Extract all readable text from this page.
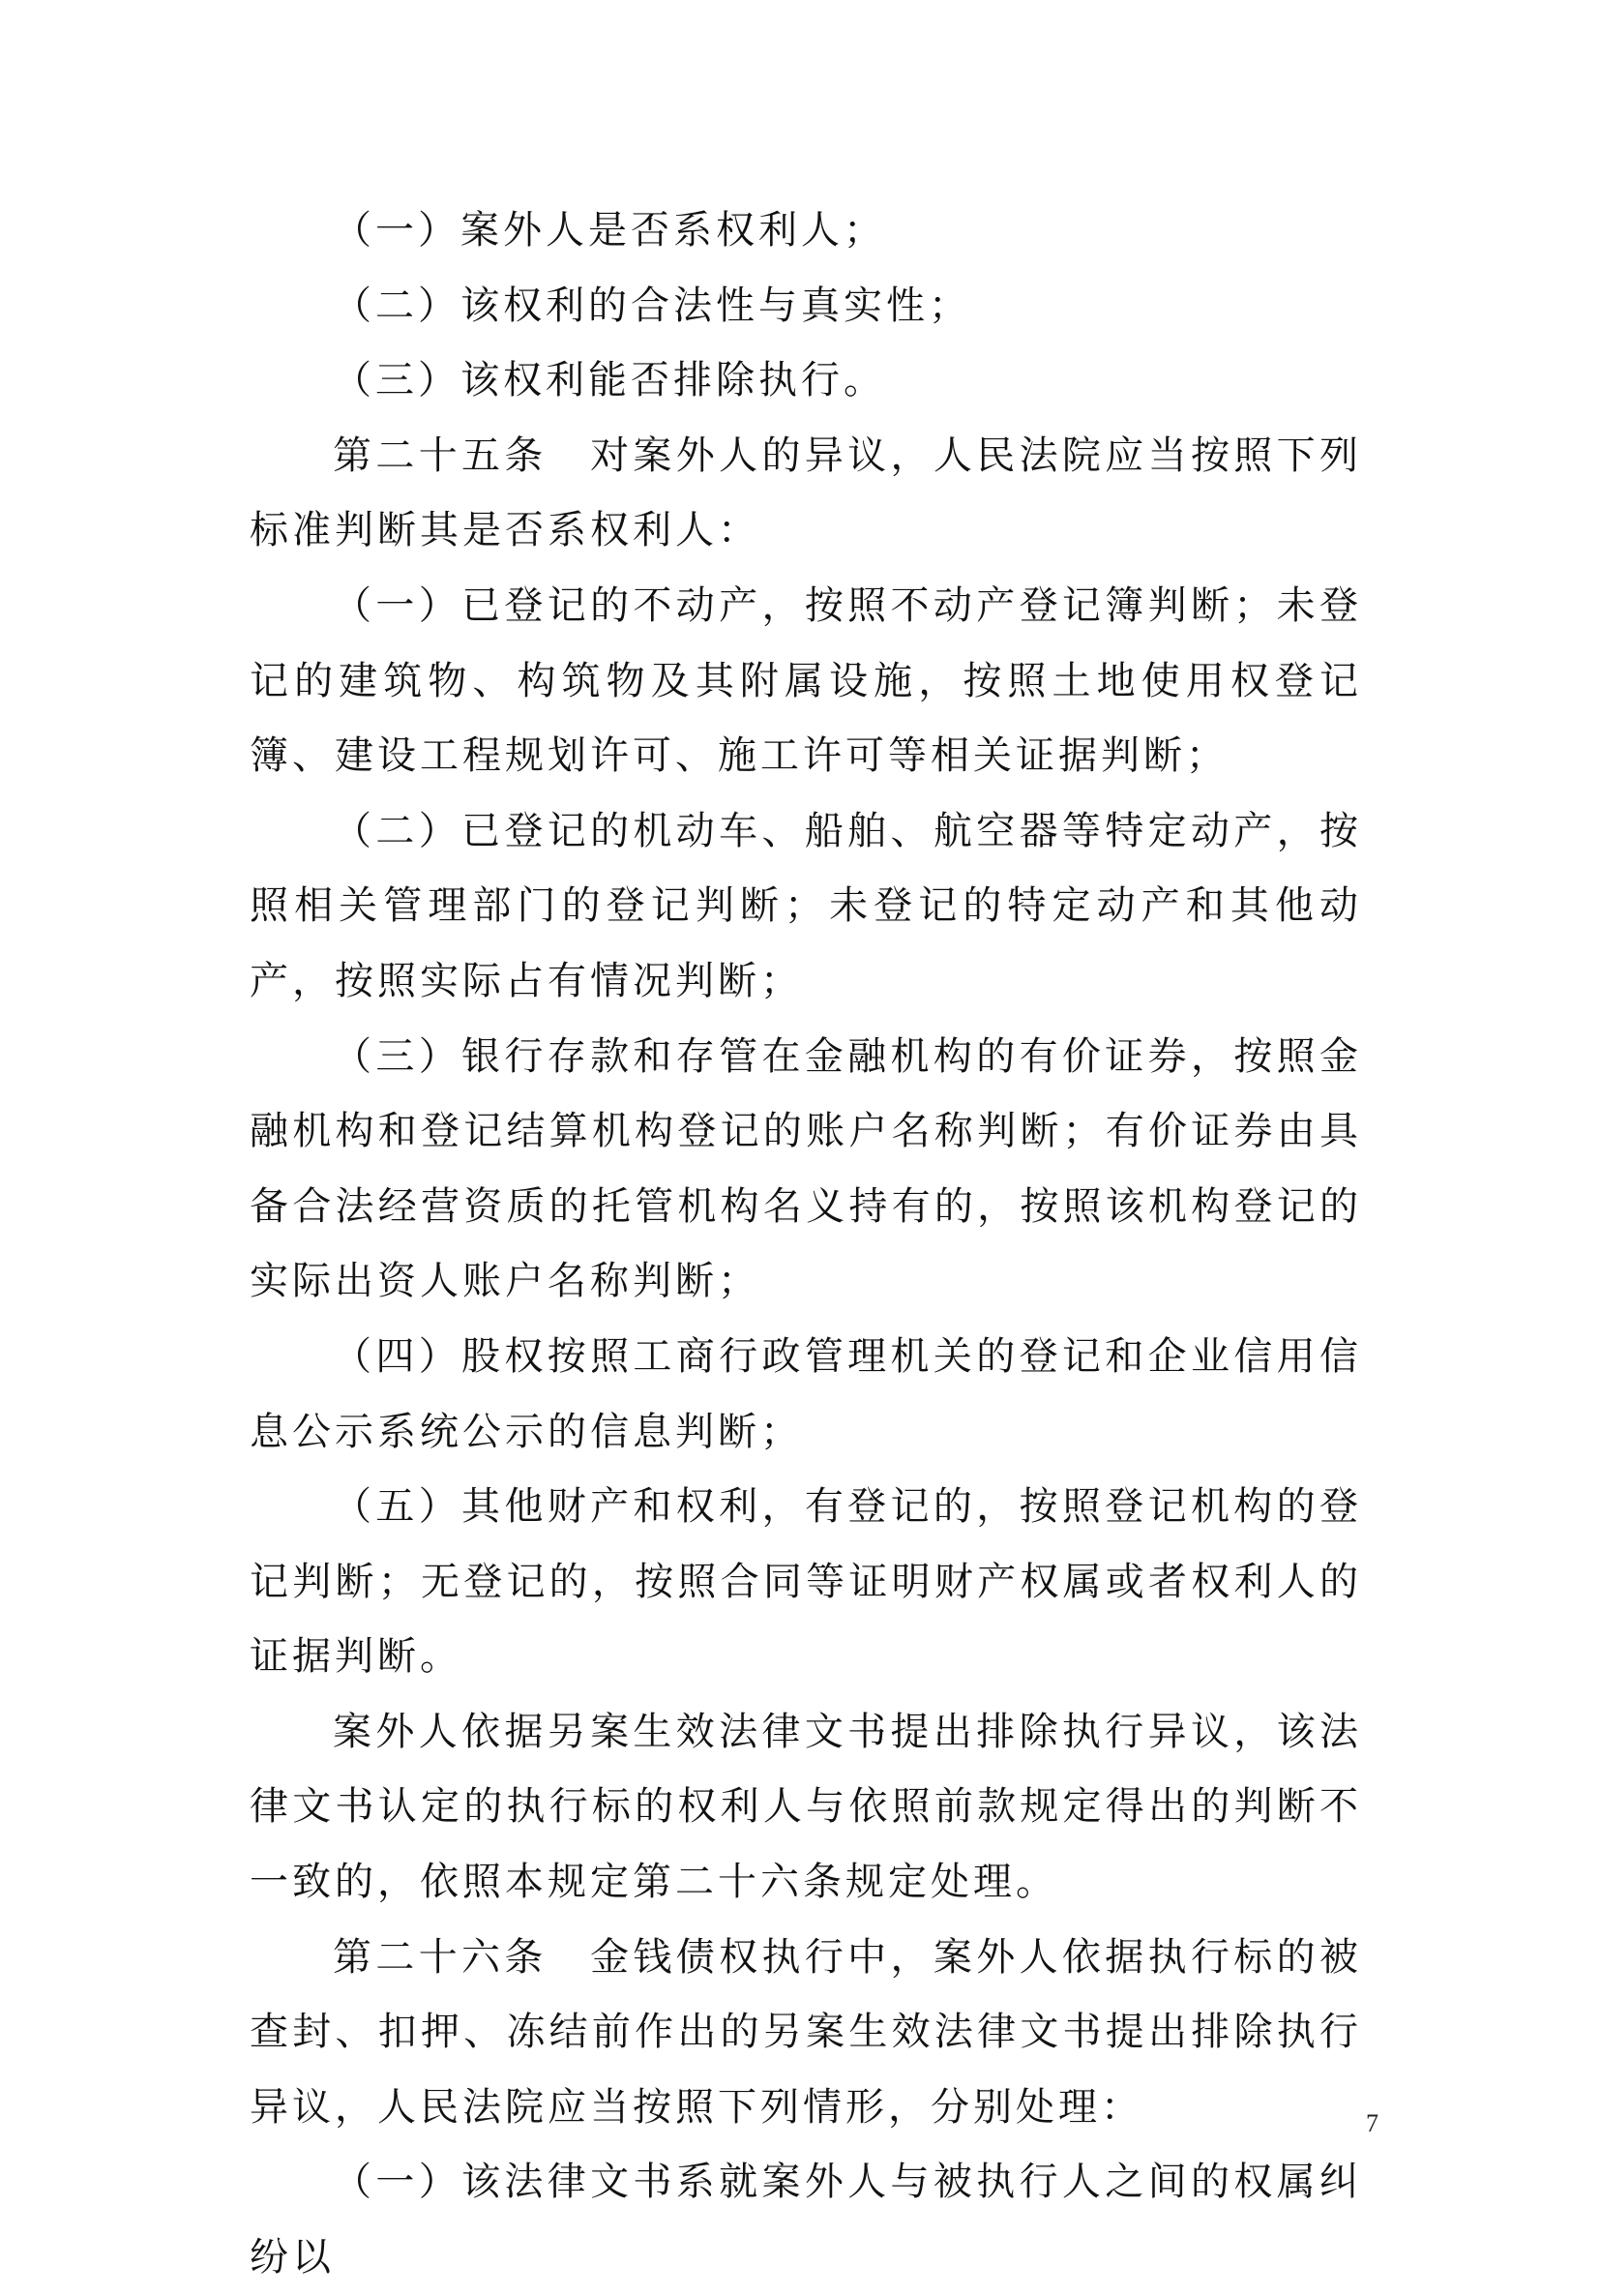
（一）案外人是否系权利人；

（二）该权利的合法性与真实性；

（三）该权利能否排除执行。

第二十五条　对案外人的异议，人民法院应当按照下列标准判断其是否系权利人：

（一）已登记的不动产，按照不动产登记簿判断；未登记的建筑物、构筑物及其附属设施，按照土地使用权登记簿、建设工程规划许可、施工许可等相关证据判断；

（二）已登记的机动车、船舶、航空器等特定动产，按照相关管理部门的登记判断；未登记的特定动产和其他动产，按照实际占有情况判断；

（三）银行存款和存管在金融机构的有价证券，按照金融机构和登记结算机构登记的账户名称判断；有价证券由具备合法经营资质的托管机构名义持有的，按照该机构登记的实际出资人账户名称判断；

（四）股权按照工商行政管理机关的登记和企业信用信息公示系统公示的信息判断；

（五）其他财产和权利，有登记的，按照登记机构的登记判断；无登记的，按照合同等证明财产权属或者权利人的证据判断。

案外人依据另案生效法律文书提出排除执行异议，该法律文书认定的执行标的权利人与依照前款规定得出的判断不一致的，依照本规定第二十六条规定处理。

第二十六条　金钱债权执行中，案外人依据执行标的被查封、扣押、冻结前作出的另案生效法律文书提出排除执行异议，人民法院应当按照下列情形，分别处理：

（一）该法律文书系就案外人与被执行人之间的权属纠纷以

7
